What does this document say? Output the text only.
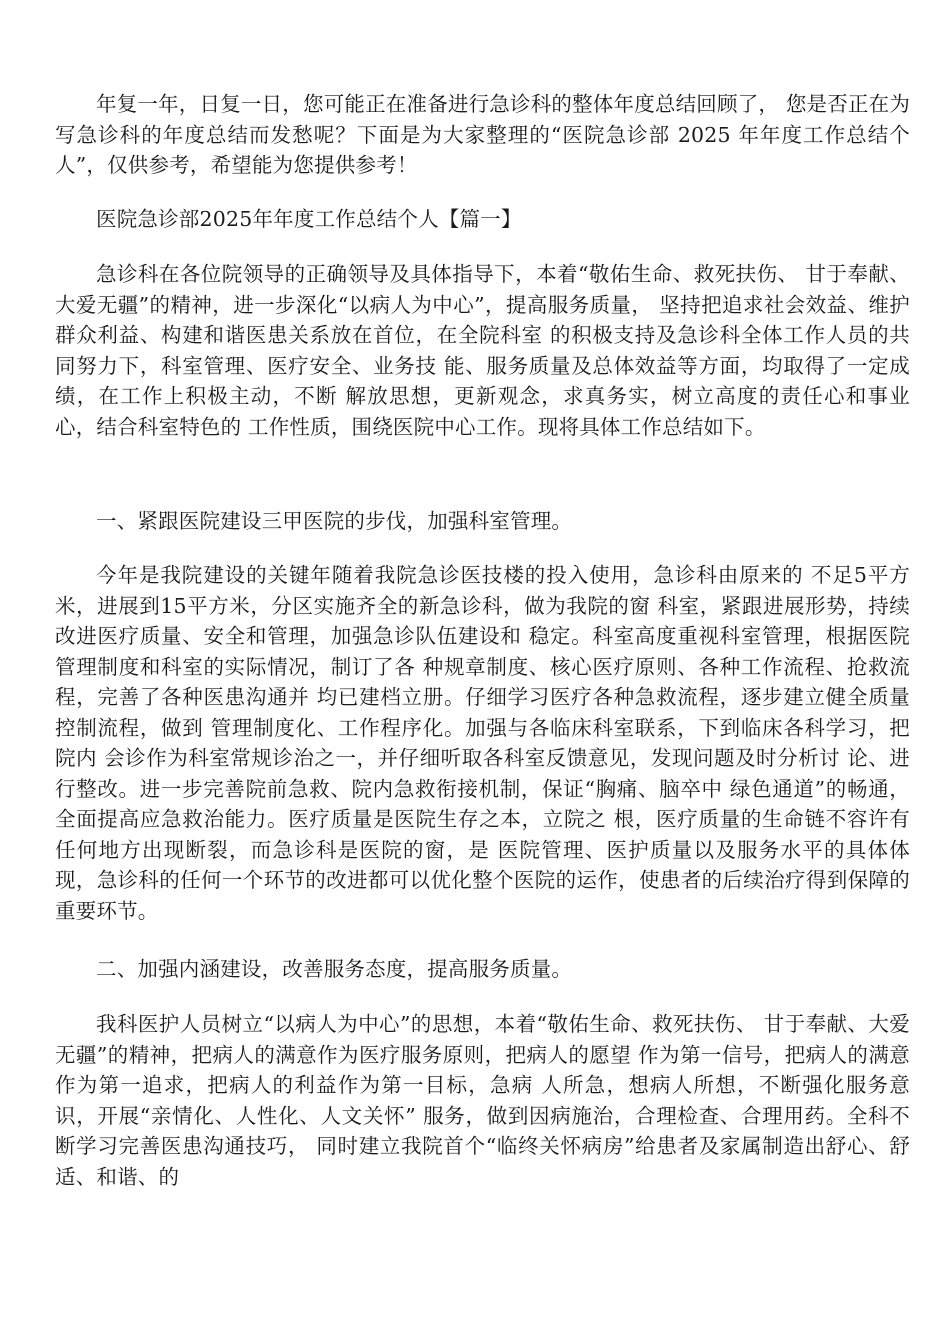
年复一年，日复一日，您可能正在准备进行急诊科的整体年度总结回顾了， 您是否正在为写急诊科的年度总结而发愁呢？下面是为大家整理的“医院急诊部 2025 年年度工作总结个人”，仅供参考，希望能为您提供参考！

医院急诊部2025年年度工作总结个人【篇一】

急诊科在各位院领导的正确领导及具体指导下，本着“敬佑生命、救死扶伤、 甘于奉献、大爱无疆”的精神，进一步深化“以病人为中心”，提高服务质量， 坚持把追求社会效益、维护群众利益、构建和谐医患关系放在首位，在全院科室 的积极支持及急诊科全体工作人员的共同努力下，科室管理、医疗安全、业务技 能、服务质量及总体效益等方面，均取得了一定成绩，在工作上积极主动，不断 解放思想，更新观念，求真务实，树立高度的责任心和事业心，结合科室特色的 工作性质，围绕医院中心工作。现将具体工作总结如下。

一、紧跟医院建设三甲医院的步伐，加强科室管理。

今年是我院建设的关键年随着我院急诊医技楼的投入使用，急诊科由原来的 不足5平方米，进展到15平方米，分区实施齐全的新急诊科，做为我院的窗 科室，紧跟进展形势，持续改进医疗质量、安全和管理，加强急诊队伍建设和 稳定。科室高度重视科室管理，根据医院管理制度和科室的实际情况，制订了各 种规章制度、核心医疗原则、各种工作流程、抢救流程，完善了各种医患沟通并 均已建档立册。仔细学习医疗各种急救流程，逐步建立健全质量控制流程，做到 管理制度化、工作程序化。加强与各临床科室联系，下到临床各科学习，把院内 会诊作为科室常规诊治之一，并仔细听取各科室反馈意见，发现问题及时分析讨 论、进行整改。进一步完善院前急救、院内急救衔接机制，保证“胸痛、脑卒中 绿色通道”的畅通，全面提高应急救治能力。医疗质量是医院生存之本，立院之 根，医疗质量的生命链不容许有任何地方出现断裂，而急诊科是医院的窗，是 医院管理、医护质量以及服务水平的具体体现，急诊科的任何一个环节的改进都可以优化整个医院的运作，使患者的后续治疗得到保障的重要环节。

二、加强内涵建设，改善服务态度，提高服务质量。

我科医护人员树立“以病人为中心”的思想，本着“敬佑生命、救死扶伤、 甘于奉献、大爱无疆”的精神，把病人的满意作为医疗服务原则，把病人的愿望 作为第一信号，把病人的满意作为第一追求，把病人的利益作为第一目标，急病 人所急，想病人所想，不断强化服务意识，开展“亲情化、人性化、人文关怀” 服务，做到因病施治，合理检查、合理用药。全科不断学习完善医患沟通技巧， 同时建立我院首个“临终关怀病房”给患者及家属制造出舒心、舒适、和谐、的
